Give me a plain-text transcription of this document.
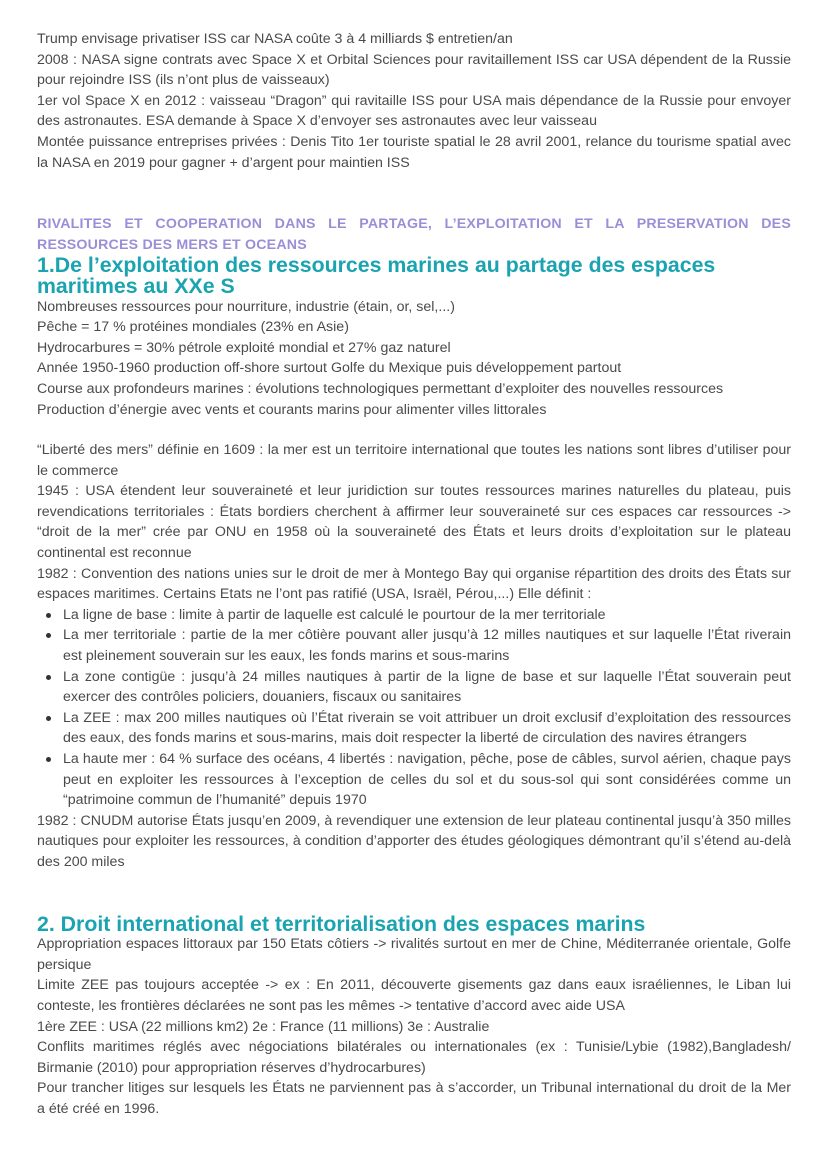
Trump envisage privatiser ISS car NASA coûte 3 à 4 milliards $ entretien/an

2008 : NASA signe contrats avec Space X et Orbital Sciences pour ravitaillement ISS car USA dépendent de la Russie pour rejoindre ISS (ils n’ont plus de vaisseaux)

1er vol Space X en 2012 : vaisseau “Dragon” qui ravitaille ISS pour USA mais dépendance de la Russie pour envoyer des astronautes. ESA demande à Space X d’envoyer ses astronautes avec leur vaisseau

Montée puissance entreprises privées : Denis Tito 1er touriste spatial le 28 avril 2001, relance du tourisme spatial avec la NASA en 2019 pour gagner + d’argent pour maintien ISS

RIVALITES ET COOPERATION DANS LE PARTAGE, L’EXPLOITATION ET LA PRESERVATION DES RESSOURCES DES MERS ET OCEANS
1.De l’exploitation des ressources marines au partage des espaces maritimes au XXe S

Nombreuses ressources pour nourriture, industrie (étain, or, sel,...)

Pêche = 17 % protéines mondiales (23% en Asie)

Hydrocarbures = 30% pétrole exploité mondial et 27% gaz naturel

Année 1950-1960 production off-shore surtout Golfe du Mexique puis développement partout

Course aux profondeurs marines : évolutions technologiques permettant d’exploiter des nouvelles ressources

Production d’énergie avec vents et courants marins pour alimenter villes littorales

“Liberté des mers” définie en 1609 : la mer est un territoire international que toutes les nations sont libres d’utiliser pour le commerce

1945 : USA étendent leur souveraineté et leur juridiction sur toutes ressources marines naturelles du plateau, puis revendications territoriales : États bordiers cherchent à affirmer leur souveraineté sur ces espaces car ressources -> “droit de la mer” crée par ONU en 1958 où la souveraineté des États et leurs droits d’exploitation sur le plateau continental est reconnue

1982 : Convention des nations unies sur le droit de mer à Montego Bay qui organise répartition des droits des États sur espaces maritimes. Certains Etats ne l’ont pas ratifié (USA, Israël, Pérou,...) Elle définit :

La ligne de base : limite à partir de laquelle est calculé le pourtour de la mer territoriale
La mer territoriale : partie de la mer côtière pouvant aller jusqu’à 12 milles nautiques et sur laquelle l’État riverain est pleinement souverain sur les eaux, les fonds marins et sous-marins
La zone contigüe : jusqu’à 24 milles nautiques à partir de la ligne de base et sur laquelle l’État souverain peut exercer des contrôles policiers, douaniers, fiscaux ou sanitaires
La ZEE : max 200 milles nautiques où l’État riverain se voit attribuer un droit exclusif d’exploitation des ressources des eaux, des fonds marins et sous-marins, mais doit respecter la liberté de circulation des navires étrangers
La haute mer : 64 % surface des océans, 4 libertés : navigation, pêche, pose de câbles, survol aérien, chaque pays peut en exploiter les ressources à l’exception de celles du sol et du sous-sol qui sont considérées comme un “patrimoine commun de l’humanité” depuis 1970

1982 : CNUDM autorise États jusqu’en 2009, à revendiquer une extension de leur plateau continental jusqu’à 350 milles nautiques pour exploiter les ressources, à condition d’apporter des études géologiques démontrant qu’il s’étend au-delà des 200 miles

2. Droit international et territorialisation des espaces marins

Appropriation espaces littoraux par 150 Etats côtiers -> rivalités surtout en mer de Chine, Méditerranée orientale, Golfe persique

Limite ZEE pas toujours acceptée -> ex : En 2011, découverte gisements gaz dans eaux israéliennes, le Liban lui conteste, les frontières déclarées ne sont pas les mêmes -> tentative d’accord avec aide USA

1ère ZEE : USA (22 millions km2) 2e : France (11 millions) 3e : Australie

Conflits maritimes réglés avec négociations bilatérales ou internationales (ex : Tunisie/Lybie (1982),Bangladesh/ Birmanie (2010) pour appropriation réserves d’hydrocarbures)

Pour trancher litiges sur lesquels les États ne parviennent pas à s’accorder, un Tribunal international du droit de la Mer a été créé en 1996.
